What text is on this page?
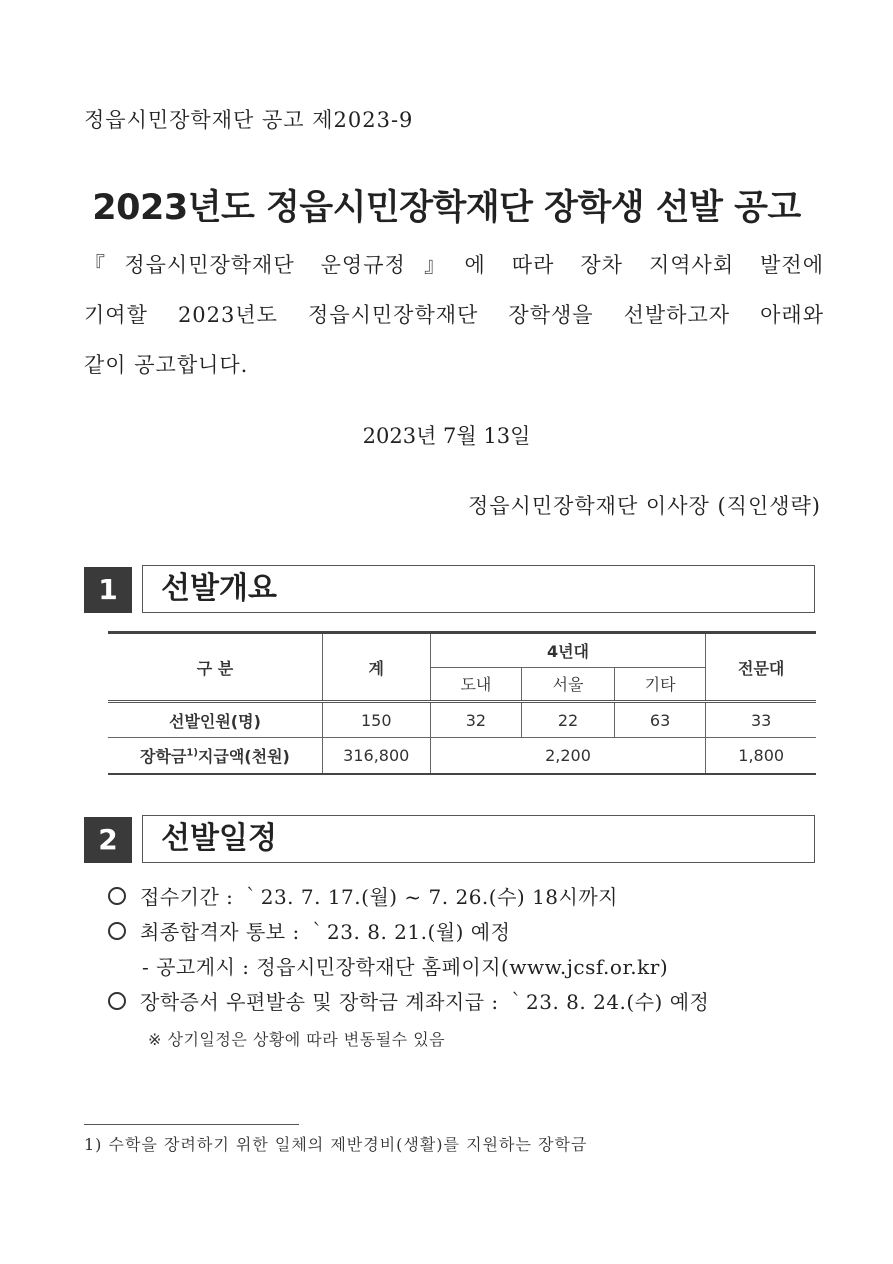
정읍시민장학재단 공고 제2023-9
2023년도 정읍시민장학재단 장학생 선발 공고
『정읍시민장학재단 운영규정』에 따라 장차 지역사회 발전에
기여할 2023년도 정읍시민장학재단 장학생을 선발하고자 아래와
같이 공고합니다.
2023년 7월 13일
정읍시민장학재단 이사장 (직인생략)
1	선발개요
구 분	계	4년대			전문대
		도내	서울	기타	
선발인원(명)	150	32	22	63	33
장학금$^{1)}$지급액(천원)	316,800	2,200			1,800
2	선발일정
접수기간 : ｀23. 7. 17.(월) ~ 7. 26.(수) 18시까지
최종합격자 통보 : ｀23. 8. 21.(월) 예정
- 공고게시 : 정읍시민장학재단 홈페이지(www.jcsf.or.kr)
장학증서 우편발송 및 장학금 계좌지급 : ｀23. 8. 24.(수) 예정
※ 상기일정은 상황에 따라 변동될수 있음
1) 수학을 장려하기 위한 일체의 제반경비(생활)를 지원하는 장학금
